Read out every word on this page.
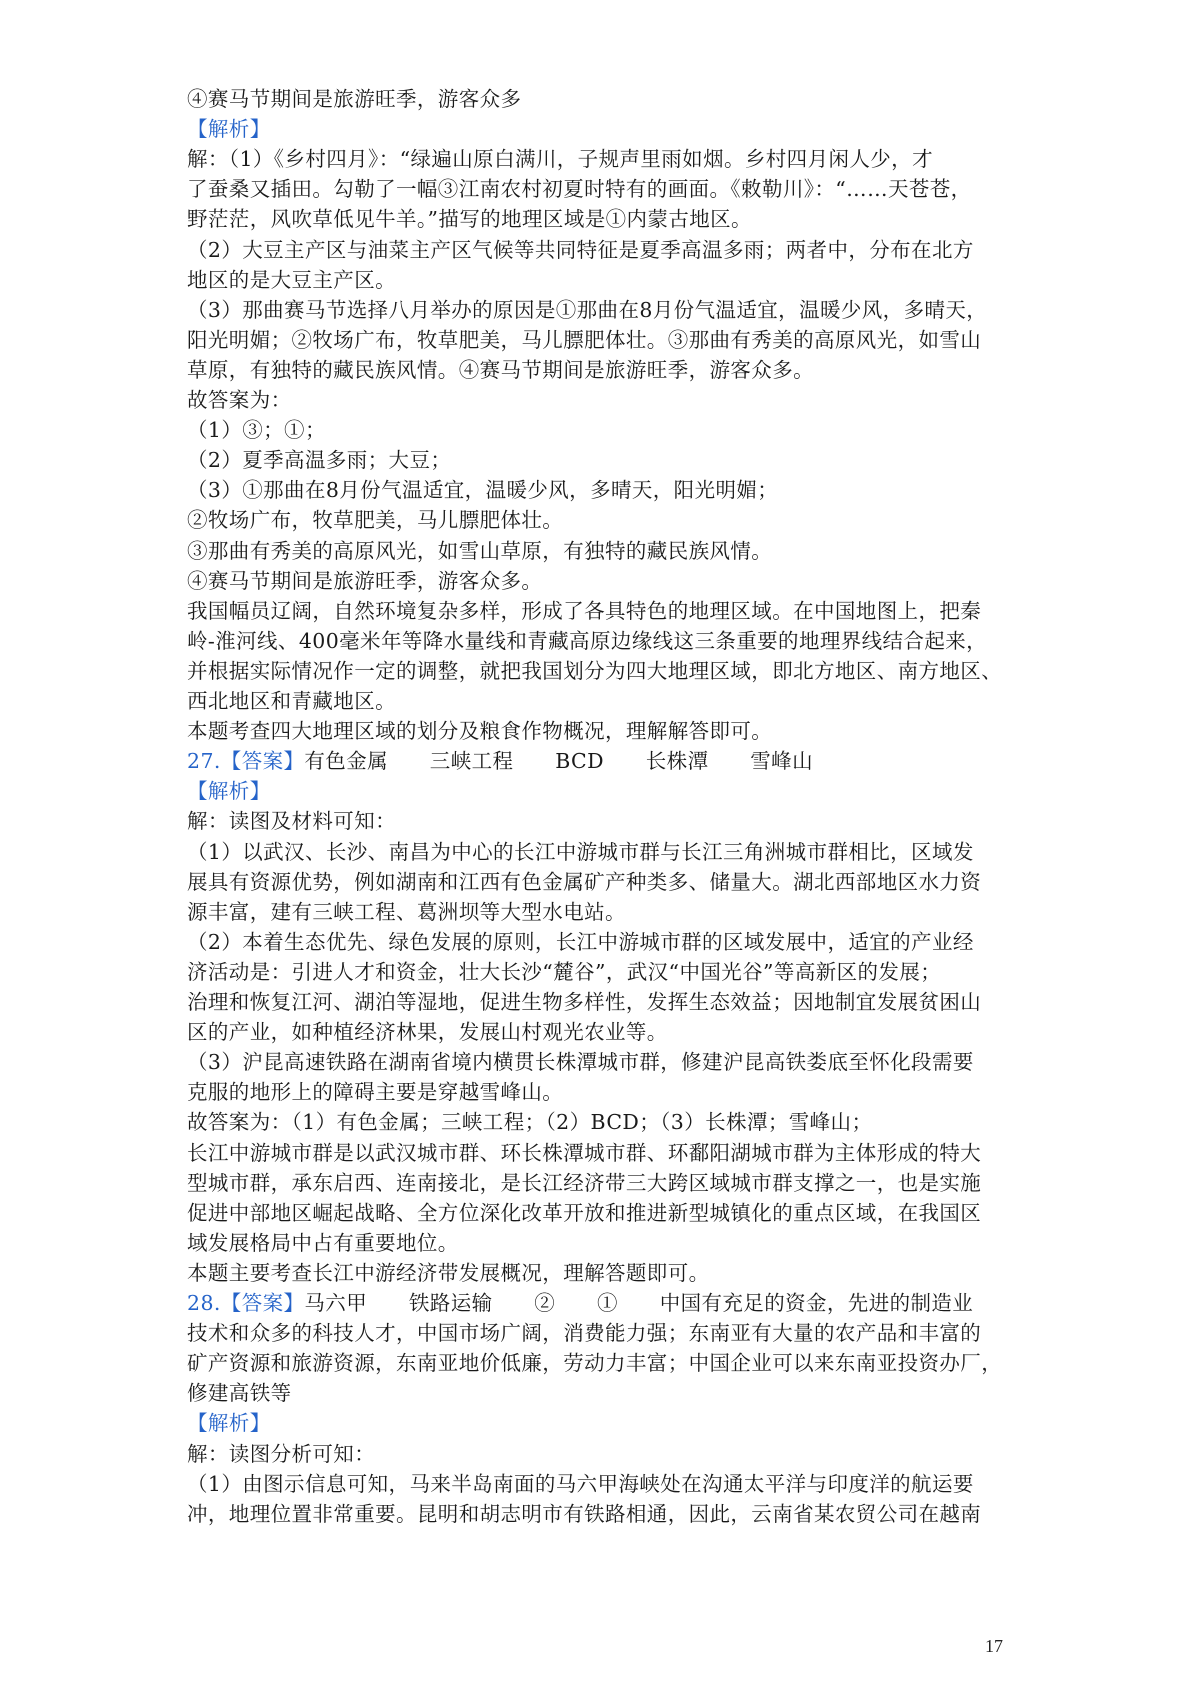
④赛马节期间是旅游旺季，游客众多
【解析】
解：（1）《乡村四月》：“绿遍山原白满川，子规声里雨如烟。乡村四月闲人少，才
了蚕桑又插田。勾勒了一幅③江南农村初夏时特有的画面。《敕勒川》：“……天苍苍，
野茫茫，风吹草低见牛羊。”描写的地理区域是①内蒙古地区。
（2）大豆主产区与油菜主产区气候等共同特征是夏季高温多雨；两者中，分布在北方
地区的是大豆主产区。
（3）那曲赛马节选择八月举办的原因是①那曲在8月份气温适宜，温暖少风，多晴天，
阳光明媚；②牧场广布，牧草肥美，马儿膘肥体壮。③那曲有秀美的高原风光，如雪山
草原，有独特的藏民族风情。④赛马节期间是旅游旺季，游客众多。
故答案为：
（1）③；①；
（2）夏季高温多雨；大豆；
（3）①那曲在8月份气温适宜，温暖少风，多晴天，阳光明媚；
②牧场广布，牧草肥美，马儿膘肥体壮。
③那曲有秀美的高原风光，如雪山草原，有独特的藏民族风情。
④赛马节期间是旅游旺季，游客众多。
我国幅员辽阔，自然环境复杂多样，形成了各具特色的地理区域。在中国地图上，把秦
岭-淮河线、400毫米年等降水量线和青藏高原边缘线这三条重要的地理界线结合起来，
并根据实际情况作一定的调整，就把我国划分为四大地理区域，即北方地区、南方地区、
西北地区和青藏地区。
本题考查四大地理区域的划分及粮食作物概况，理解解答即可。
27.【答案】有色金属　　三峡工程　　BCD　　长株潭　　雪峰山
【解析】
解：读图及材料可知：
（1）以武汉、长沙、南昌为中心的长江中游城市群与长江三角洲城市群相比，区域发
展具有资源优势，例如湖南和江西有色金属矿产种类多、储量大。湖北西部地区水力资
源丰富，建有三峡工程、葛洲坝等大型水电站。
（2）本着生态优先、绿色发展的原则，长江中游城市群的区域发展中，适宜的产业经
济活动是：引进人才和资金，壮大长沙“麓谷”，武汉“中国光谷”等高新区的发展；
治理和恢复江河、湖泊等湿地，促进生物多样性，发挥生态效益；因地制宜发展贫困山
区的产业，如种植经济林果，发展山村观光农业等。
（3）沪昆高速铁路在湖南省境内横贯长株潭城市群，修建沪昆高铁娄底至怀化段需要
克服的地形上的障碍主要是穿越雪峰山。
故答案为：（1）有色金属；三峡工程；（2）BCD；（3）长株潭；雪峰山；
长江中游城市群是以武汉城市群、环长株潭城市群、环鄱阳湖城市群为主体形成的特大
型城市群，承东启西、连南接北，是长江经济带三大跨区域城市群支撑之一，也是实施
促进中部地区崛起战略、全方位深化改革开放和推进新型城镇化的重点区域，在我国区
域发展格局中占有重要地位。
本题主要考查长江中游经济带发展概况，理解答题即可。
28.【答案】马六甲　　铁路运输　　②　　①　　中国有充足的资金，先进的制造业
技术和众多的科技人才，中国市场广阔，消费能力强；东南亚有大量的农产品和丰富的
矿产资源和旅游资源，东南亚地价低廉，劳动力丰富；中国企业可以来东南亚投资办厂，
修建高铁等
【解析】
解：读图分析可知：
（1）由图示信息可知，马来半岛南面的马六甲海峡处在沟通太平洋与印度洋的航运要
冲，地理位置非常重要。昆明和胡志明市有铁路相通，因此，云南省某农贸公司在越南
17
